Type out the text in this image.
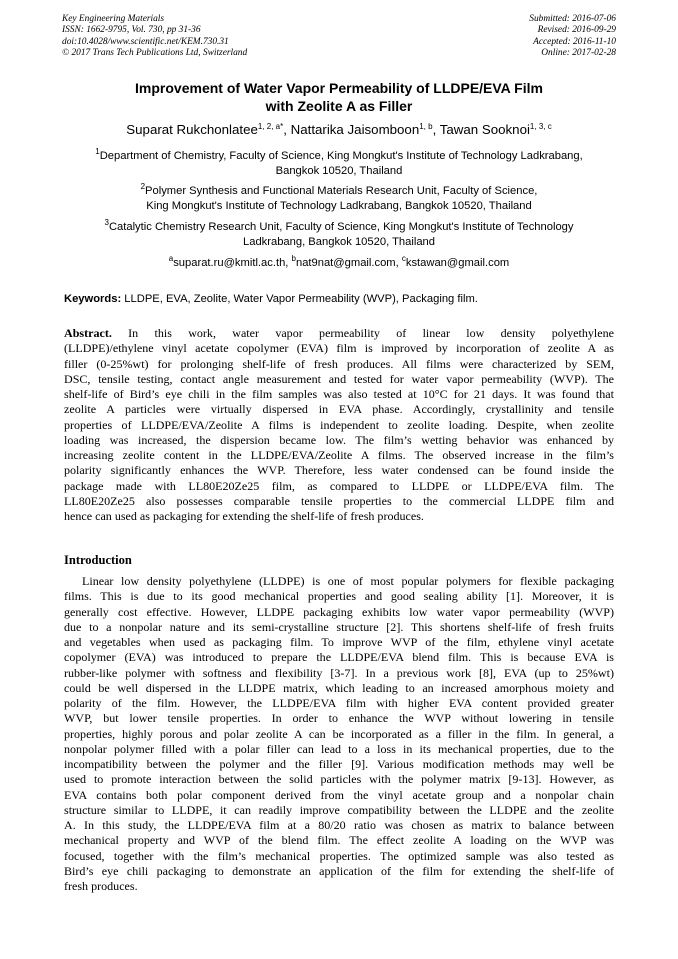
Key Engineering Materials
ISSN: 1662-9795, Vol. 730, pp 31-36
doi:10.4028/www.scientific.net/KEM.730.31
© 2017 Trans Tech Publications Ltd, Switzerland
Submitted: 2016-07-06
Revised: 2016-09-29
Accepted: 2016-11-10
Online: 2017-02-28
Improvement of Water Vapor Permeability of LLDPE/EVA Film
with Zeolite A as Filler
Suparat Rukchonlatee$^{1, 2, a*}$, Nattarika Jaisomboon$^{1, b}$, Tawan Sooknoi$^{1, 3, c}$
$^1$Department of Chemistry, Faculty of Science, King Mongkut's Institute of Technology Ladkrabang,
Bangkok 10520, Thailand
$^2$Polymer Synthesis and Functional Materials Research Unit, Faculty of Science,
King Mongkut's Institute of Technology Ladkrabang, Bangkok 10520, Thailand
$^3$Catalytic Chemistry Research Unit, Faculty of Science, King Mongkut's Institute of Technology
Ladkrabang, Bangkok 10520, Thailand
$^a$suparat.ru@kmitl.ac.th, $^b$nat9nat@gmail.com, $^c$kstawan@gmail.com
Keywords: LLDPE, EVA, Zeolite, Water Vapor Permeability (WVP), Packaging film.
Abstract. In this work, water vapor permeability of linear low density polyethylene
(LLDPE)/ethylene vinyl acetate copolymer (EVA) film is improved by incorporation of zeolite A as
filler (0-25%wt) for prolonging shelf-life of fresh produces. All films were characterized by SEM,
DSC, tensile testing, contact angle measurement and tested for water vapor permeability (WVP). The
shelf-life of Bird’s eye chili in the film samples was also tested at 10°C for 21 days. It was found that
zeolite A particles were virtually dispersed in EVA phase. Accordingly, crystallinity and tensile
properties of LLDPE/EVA/Zeolite A films is independent to zeolite loading. Despite, when zeolite
loading was increased, the dispersion became low. The film’s wetting behavior was enhanced by
increasing zeolite content in the LLDPE/EVA/Zeolite A films. The observed increase in the film’s
polarity significantly enhances the WVP. Therefore, less water condensed can be found inside the
package made with LL80E20Ze25 film, as compared to LLDPE or LLDPE/EVA film. The
LL80E20Ze25 also possesses comparable tensile properties to the commercial LLDPE film and
hence can used as packaging for extending the shelf-life of fresh produces.
Introduction
Linear low density polyethylene (LLDPE) is one of most popular polymers for flexible packaging
films. This is due to its good mechanical properties and good sealing ability [1]. Moreover, it is
generally cost effective. However, LLDPE packaging exhibits low water vapor permeability (WVP)
due to a nonpolar nature and its semi-crystalline structure [2]. This shortens shelf-life of fresh fruits
and vegetables when used as packaging film. To improve WVP of the film, ethylene vinyl acetate
copolymer (EVA) was introduced to prepare the LLDPE/EVA blend film. This is because EVA is
rubber-like polymer with softness and flexibility [3-7]. In a previous work [8], EVA (up to 25%wt)
could be well dispersed in the LLDPE matrix, which leading to an increased amorphous moiety and
polarity of the film. However, the LLDPE/EVA film with higher EVA content provided greater
WVP, but lower tensile properties. In order to enhance the WVP without lowering in tensile
properties, highly porous and polar zeolite A can be incorporated as a filler in the film. In general, a
nonpolar polymer filled with a polar filler can lead to a loss in its mechanical properties, due to the
incompatibility between the polymer and the filler [9]. Various modification methods may well be
used to promote interaction between the solid particles with the polymer matrix [9-13]. However, as
EVA contains both polar component derived from the vinyl acetate group and a nonpolar chain
structure similar to LLDPE, it can readily improve compatibility between the LLDPE and the zeolite
A. In this study, the LLDPE/EVA film at a 80/20 ratio was chosen as matrix to balance between
mechanical property and WVP of the blend film. The effect zeolite A loading on the WVP was
focused, together with the film’s mechanical properties. The optimized sample was also tested as
Bird’s eye chili packaging to demonstrate an application of the film for extending the shelf-life of
fresh produces.
